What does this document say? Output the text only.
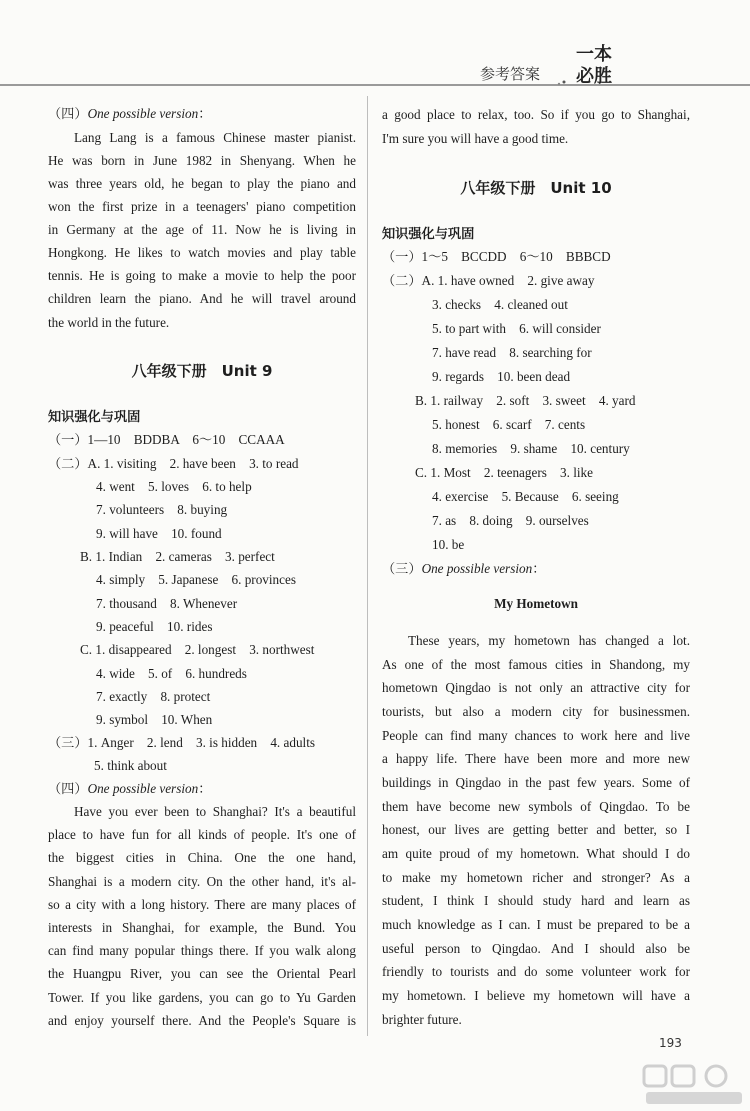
参考答案
一本
必胜
（四）One possible version：
Lang Lang is a famous Chinese master pianist.
He was born in June 1982 in Shenyang. When he
was three years old, he began to play the piano and
won the first prize in a teenagers' piano competition
in Germany at the age of 11. Now he is living in
Hongkong. He likes to watch movies and play table
tennis. He is going to make a movie to help the poor
children learn the piano. And he will travel around
the world in the future.
八年级下册　Unit 9
知识强化与巩固
（一）1—10　BDDBA　6～10　CCAAA
（二）A. 1. visiting　2. have been　3. to read
4. went　5. loves　6. to help
7. volunteers　8. buying
9. will have　10. found
B. 1. Indian　2. cameras　3. perfect
4. simply　5. Japanese　6. provinces
7. thousand　8. Whenever
9. peaceful　10. rides
C. 1. disappeared　2. longest　3. northwest
4. wide　5. of　6. hundreds
7. exactly　8. protect
9. symbol　10. When
（三）1. Anger　2. lend　3. is hidden　4. adults
5. think about
（四）One possible version：
Have you ever been to Shanghai? It's a beautiful
place to have fun for all kinds of people. It's one of
the biggest cities in China. One the one hand,
Shanghai is a modern city. On the other hand, it's al-
so a city with a long history. There are many places of
interests in Shanghai, for example, the Bund. You
can find many popular things there. If you walk along
the Huangpu River, you can see the Oriental Pearl
Tower. If you like gardens, you can go to Yu Garden
and enjoy yourself there. And the People's Square is
a good place to relax, too. So if you go to Shanghai,
I'm sure you will have a good time.
八年级下册　Unit 10
知识强化与巩固
（一）1～5　BCCDD　6～10　BBBCD
（二）A. 1. have owned　2. give away
3. checks　4. cleaned out
5. to part with　6. will consider
7. have read　8. searching for
9. regards　10. been dead
B. 1. railway　2. soft　3. sweet　4. yard
5. honest　6. scarf　7. cents
8. memories　9. shame　10. century
C. 1. Most　2. teenagers　3. like
4. exercise　5. Because　6. seeing
7. as　8. doing　9. ourselves
10. be
（三）One possible version：
My Hometown
These years, my hometown has changed a lot.
As one of the most famous cities in Shandong, my
hometown Qingdao is not only an attractive city for
tourists, but also a modern city for businessmen.
People can find many chances to work here and live
a happy life. There have been more and more new
buildings in Qingdao in the past few years. Some of
them have become new symbols of Qingdao. To be
honest, our lives are getting better and better, so I
am quite proud of my hometown. What should I do
to make my hometown richer and stronger? As a
student, I think I should study hard and learn as
much knowledge as I can. I must be prepared to be a
useful person to Qingdao. And I should also be
friendly to tourists and do some volunteer work for
my hometown. I believe my hometown will have a
brighter future.
193
